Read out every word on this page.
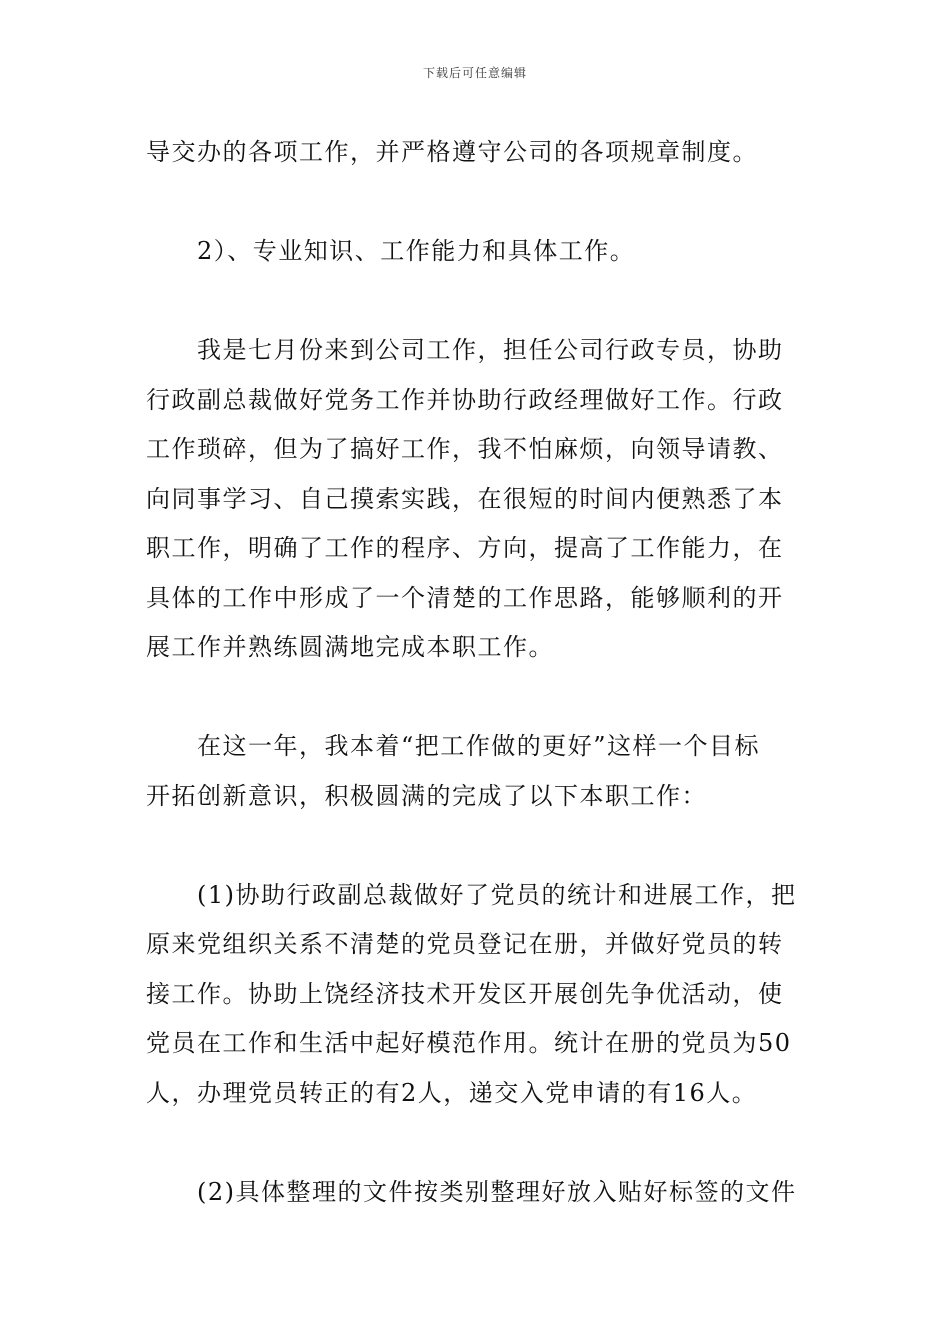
下载后可任意编辑

导交办的各项工作，并严格遵守公司的各项规章制度。

2）、专业知识、工作能力和具体工作。

我是七月份来到公司工作，担任公司行政专员，协助
行政副总裁做好党务工作并协助行政经理做好工作。行政
工作琐碎，但为了搞好工作，我不怕麻烦，向领导请教、
向同事学习、自己摸索实践，在很短的时间内便熟悉了本
职工作，明确了工作的程序、方向，提高了工作能力，在
具体的工作中形成了一个清楚的工作思路，能够顺利的开
展工作并熟练圆满地完成本职工作。

在这一年，我本着“把工作做的更好”这样一个目标
开拓创新意识，积极圆满的完成了以下本职工作：

(1)协助行政副总裁做好了党员的统计和进展工作，把
原来党组织关系不清楚的党员登记在册，并做好党员的转
接工作。协助上饶经济技术开发区开展创先争优活动，使
党员在工作和生活中起好模范作用。统计在册的党员为50
人，办理党员转正的有2人，递交入党申请的有16人。

(2)具体整理的文件按类别整理好放入贴好标签的文件
